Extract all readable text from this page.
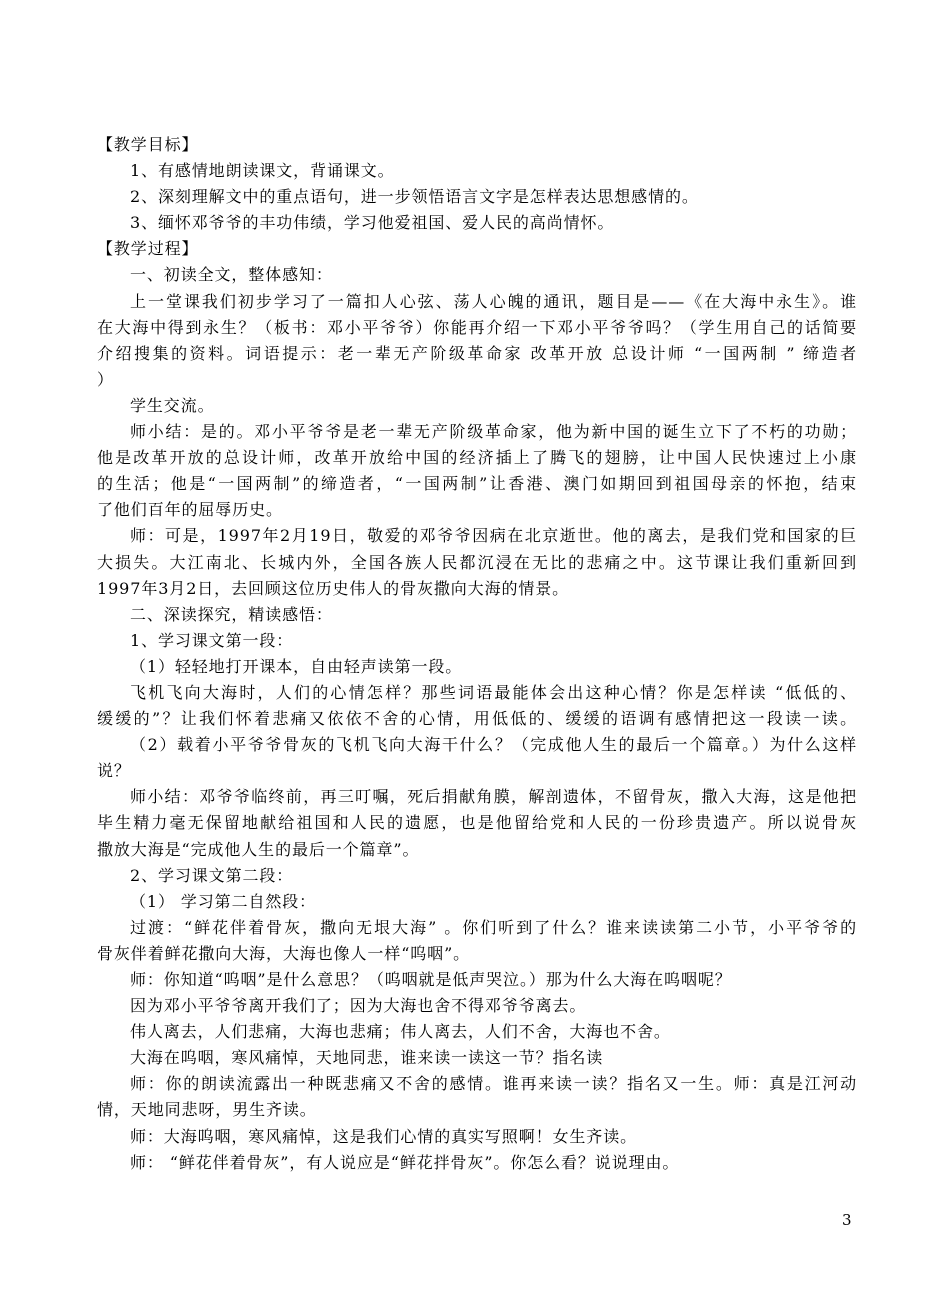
【教学目标】
1、有感情地朗读课文，背诵课文。
2、深刻理解文中的重点语句，进一步领悟语言文字是怎样表达思想感情的。
3、缅怀邓爷爷的丰功伟绩，学习他爱祖国、爱人民的高尚情怀。
【教学过程】
一、初读全文，整体感知：
上一堂课我们初步学习了一篇扣人心弦、荡人心魄的通讯，题目是——《在大海中永生》。谁
在大海中得到永生？（板书：邓小平爷爷）你能再介绍一下邓小平爷爷吗？（学生用自己的话简要
介绍搜集的资料。词语提示：老一辈无产阶级革命家 改革开放 总设计师 “一国两制 ” 缔造者
）
学生交流。
师小结：是的。邓小平爷爷是老一辈无产阶级革命家，他为新中国的诞生立下了不朽的功勋；
他是改革开放的总设计师，改革开放给中国的经济插上了腾飞的翅膀，让中国人民快速过上小康
的生活；他是“一国两制”的缔造者，“一国两制”让香港、澳门如期回到祖国母亲的怀抱，结束
了他们百年的屈辱历史。
师：可是，1997年2月19日，敬爱的邓爷爷因病在北京逝世。他的离去，是我们党和国家的巨
大损失。大江南北、长城内外，全国各族人民都沉浸在无比的悲痛之中。这节课让我们重新回到
1997年3月2日，去回顾这位历史伟人的骨灰撒向大海的情景。
二、深读探究，精读感悟：
1、学习课文第一段：
（1）轻轻地打开课本，自由轻声读第一段。
飞机飞向大海时，人们的心情怎样？那些词语最能体会出这种心情？你是怎样读 “低低的、
缓缓的”？让我们怀着悲痛又依依不舍的心情，用低低的、缓缓的语调有感情把这一段读一读。
（2）载着小平爷爷骨灰的飞机飞向大海干什么？（完成他人生的最后一个篇章。）为什么这样
说？
师小结：邓爷爷临终前，再三叮嘱，死后捐献角膜，解剖遗体，不留骨灰，撒入大海，这是他把
毕生精力毫无保留地献给祖国和人民的遗愿，也是他留给党和人民的一份珍贵遗产。所以说骨灰
撒放大海是“完成他人生的最后一个篇章”。
2、学习课文第二段：
（1） 学习第二自然段：
过渡：“鲜花伴着骨灰，撒向无垠大海” 。你们听到了什么？谁来读读第二小节，小平爷爷的
骨灰伴着鲜花撒向大海，大海也像人一样“呜咽”。
师：你知道“呜咽”是什么意思？（呜咽就是低声哭泣。）那为什么大海在呜咽呢？
因为邓小平爷爷离开我们了；因为大海也舍不得邓爷爷离去。
伟人离去，人们悲痛，大海也悲痛；伟人离去，人们不舍，大海也不舍。
大海在呜咽，寒风痛悼，天地同悲，谁来读一读这一节？指名读
师：你的朗读流露出一种既悲痛又不舍的感情。谁再来读一读？指名又一生。师：真是江河动
情，天地同悲呀，男生齐读。
师：大海呜咽，寒风痛悼，这是我们心情的真实写照啊！女生齐读。
师： “鲜花伴着骨灰”，有人说应是“鲜花拌骨灰”。你怎么看？说说理由。
3
